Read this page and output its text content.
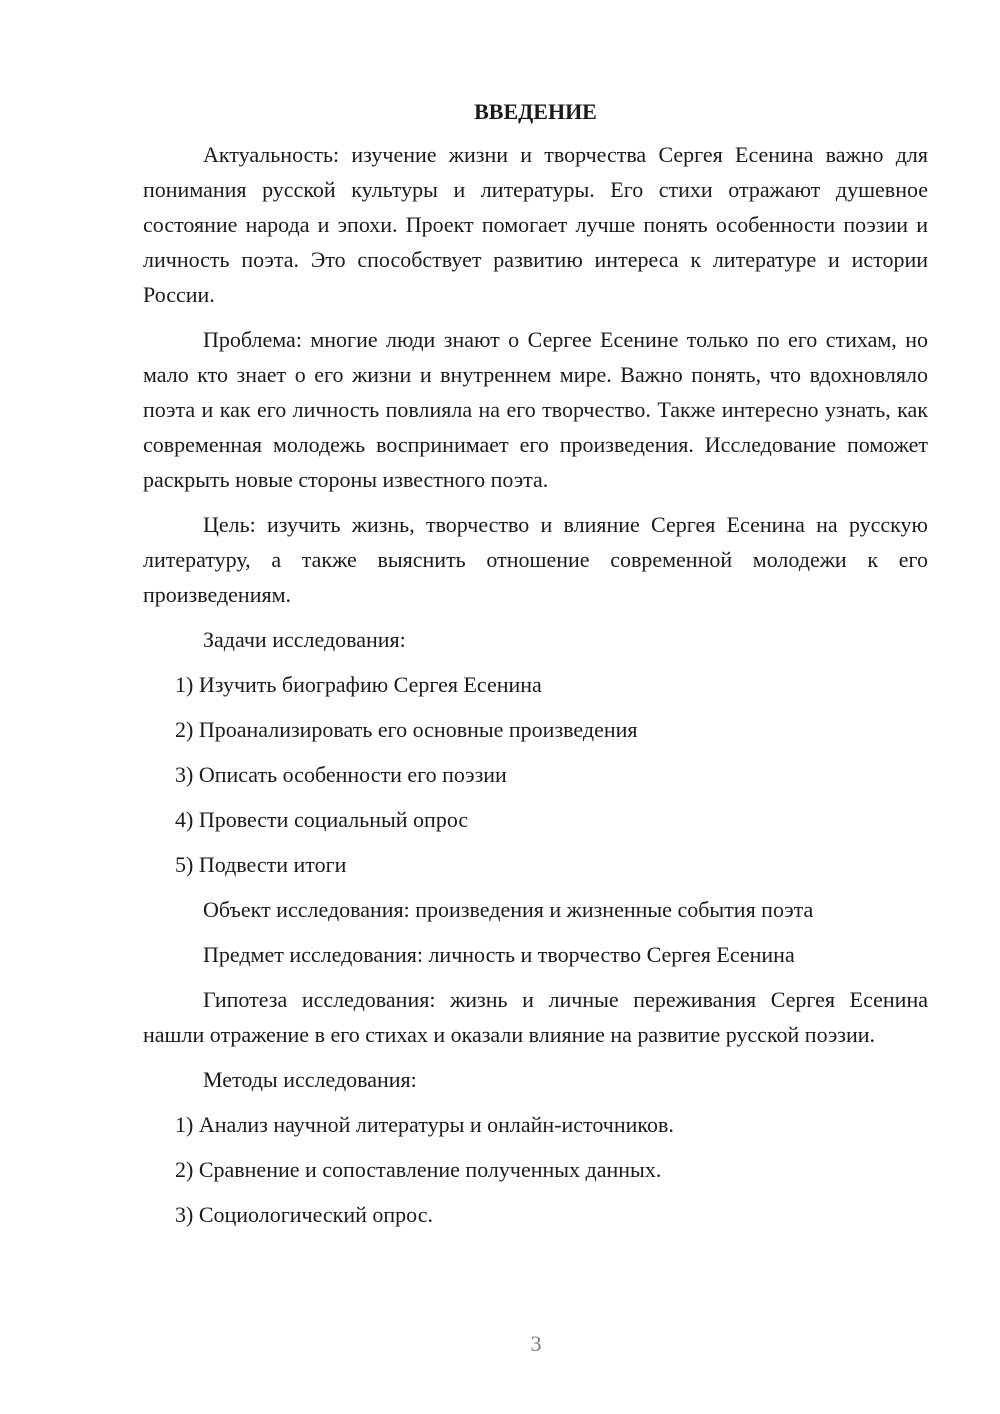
ВВЕДЕНИЕ

Актуальность: изучение жизни и творчества Сергея Есенина важно для понимания русской культуры и литературы. Его стихи отражают душевное состояние народа и эпохи. Проект помогает лучше понять особенности поэзии и личность поэта. Это способствует развитию интереса к литературе и истории России.

Проблема: многие люди знают о Сергее Есенине только по его стихам, но мало кто знает о его жизни и внутреннем мире. Важно понять, что вдохновляло поэта и как его личность повлияла на его творчество. Также интересно узнать, как современная молодежь воспринимает его произведения. Исследование поможет раскрыть новые стороны известного поэта.

Цель: изучить жизнь, творчество и влияние Сергея Есенина на русскую литературу, а также выяснить отношение современной молодежи к его произведениям.

Задачи исследования:
1) Изучить биографию Сергея Есенина
2) Проанализировать его основные произведения
3) Описать особенности его поэзии
4) Провести социальный опрос
5) Подвести итоги
Объект исследования: произведения и жизненные события поэта
Предмет исследования: личность и творчество Сергея Есенина

Гипотеза исследования: жизнь и личные переживания Сергея Есенина нашли отражение в его стихах и оказали влияние на развитие русской поэзии.

Методы исследования:
1) Анализ научной литературы и онлайн-источников.
2) Сравнение и сопоставление полученных данных.
3) Социологический опрос.
3
